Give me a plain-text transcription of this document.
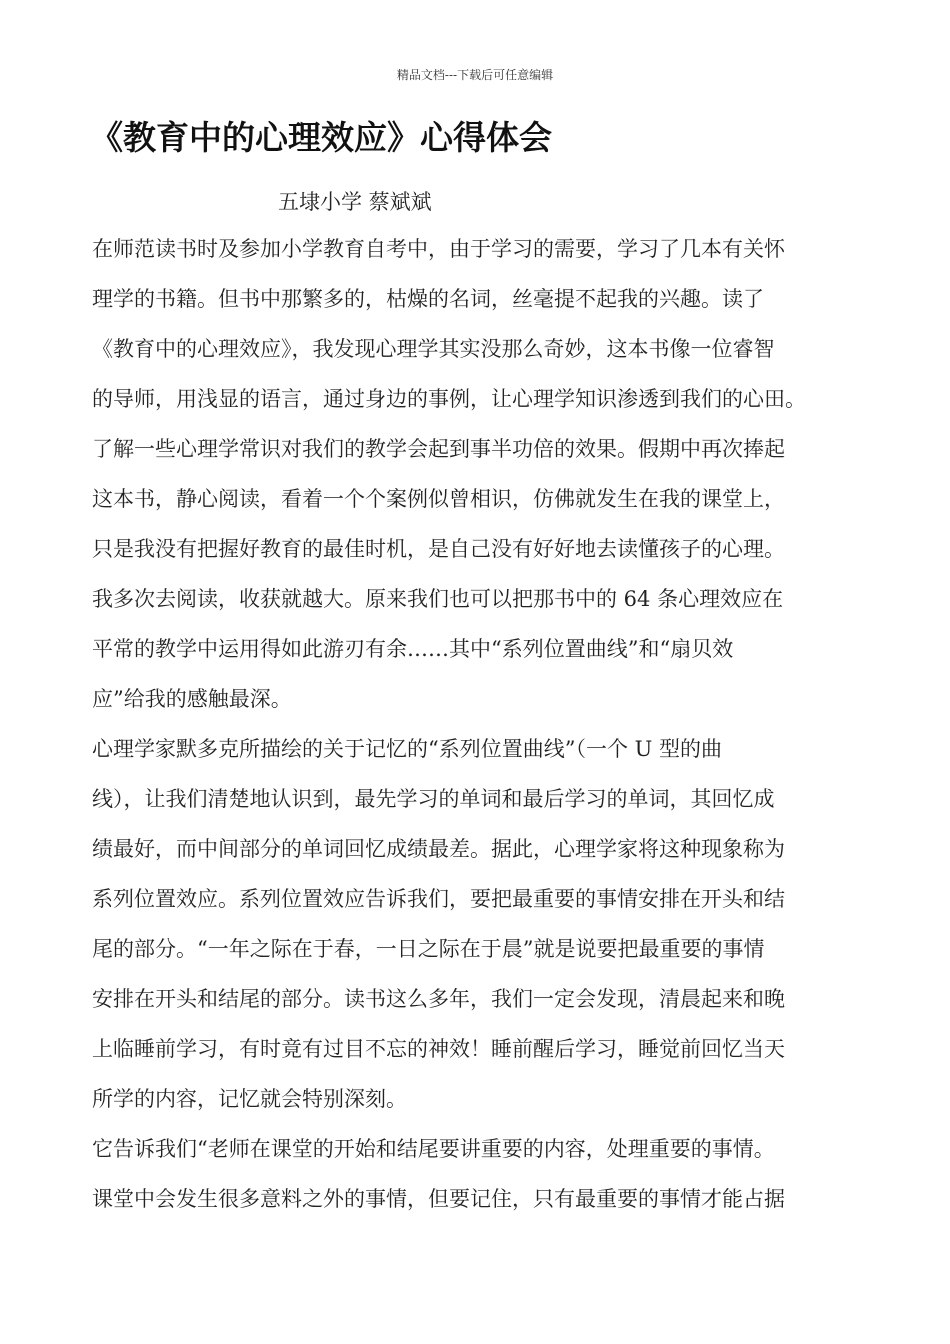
精品文档---下载后可任意编辑
《教育中的心理效应》心得体会
五埭小学 蔡斌斌
在师范读书时及参加小学教育自考中，由于学习的需要，学习了几本有关怀
理学的书籍。但书中那繁多的，枯燥的名词，丝毫提不起我的兴趣。读了
《教育中的心理效应》，我发现心理学其实没那么奇妙，这本书像一位睿智
的导师，用浅显的语言，通过身边的事例，让心理学知识渗透到我们的心田。
了解一些心理学常识对我们的教学会起到事半功倍的效果。假期中再次捧起
这本书，静心阅读，看着一个个案例似曾相识，仿佛就发生在我的课堂上，
只是我没有把握好教育的最佳时机，是自己没有好好地去读懂孩子的心理。
我多次去阅读，收获就越大。原来我们也可以把那书中的 64 条心理效应在
平常的教学中运用得如此游刃有余……其中“系列位置曲线”和“扇贝效
应”给我的感触最深。
心理学家默多克所描绘的关于记忆的“系列位置曲线”（一个 U 型的曲
线），让我们清楚地认识到，最先学习的单词和最后学习的单词，其回忆成
绩最好，而中间部分的单词回忆成绩最差。据此，心理学家将这种现象称为
系列位置效应。系列位置效应告诉我们，要把最重要的事情安排在开头和结
尾的部分。“一年之际在于春，一日之际在于晨”就是说要把最重要的事情
安排在开头和结尾的部分。读书这么多年，我们一定会发现，清晨起来和晚
上临睡前学习，有时竟有过目不忘的神效！睡前醒后学习，睡觉前回忆当天
所学的内容，记忆就会特别深刻。
它告诉我们“老师在课堂的开始和结尾要讲重要的内容，处理重要的事情。
课堂中会发生很多意料之外的事情，但要记住，只有最重要的事情才能占据
